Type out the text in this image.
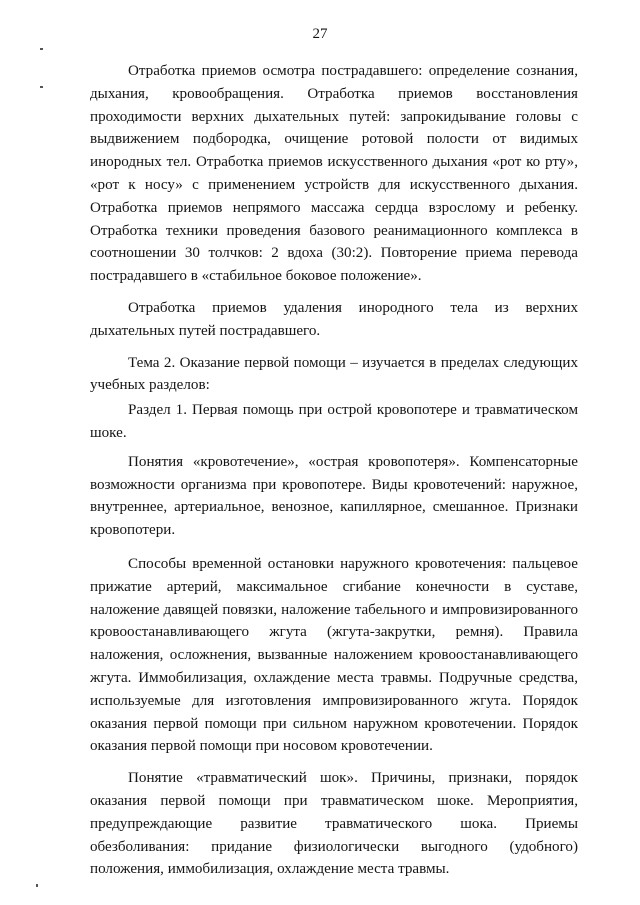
27

Отработка приемов осмотра пострадавшего: определение сознания, дыхания, кровообращения. Отработка приемов восстановления проходимости верхних дыхательных путей: запрокидывание головы с выдвижением подбородка, очищение ротовой полости от видимых инородных тел. Отработка приемов искусственного дыхания «рот ко рту», «рот к носу» с применением устройств для искусственного дыхания. Отработка приемов непрямого массажа сердца взрослому и ребенку. Отработка техники проведения базового реанимационного комплекса в соотношении 30 толчков: 2 вдоха (30:2). Повторение приема перевода пострадавшего в «стабильное боковое положение».

Отработка приемов удаления инородного тела из верхних дыхательных путей пострадавшего.

Тема 2. Оказание первой помощи – изучается в пределах следующих учебных разделов:

Раздел 1. Первая помощь при острой кровопотере и травматическом шоке.

Понятия «кровотечение», «острая кровопотеря». Компенсаторные возможности организма при кровопотере. Виды кровотечений: наружное, внутреннее, артериальное, венозное, капиллярное, смешанное. Признаки кровопотери.

Способы временной остановки наружного кровотечения: пальцевое прижатие артерий, максимальное сгибание конечности в суставе, наложение давящей повязки, наложение табельного и импровизированного кровоостанавливающего жгута (жгута-закрутки, ремня). Правила наложения, осложнения, вызванные наложением кровоостанавливающего жгута. Иммобилизация, охлаждение места травмы. Подручные средства, используемые для изготовления импровизированного жгута. Порядок оказания первой помощи при сильном наружном кровотечении. Порядок оказания первой помощи при носовом кровотечении.

Понятие «травматический шок». Причины, признаки, порядок оказания первой помощи при травматическом шоке. Мероприятия, предупреждающие развитие травматического шока. Приемы обезболивания: придание физиологически выгодного (удобного) положения, иммобилизация, охлаждение места травмы.
